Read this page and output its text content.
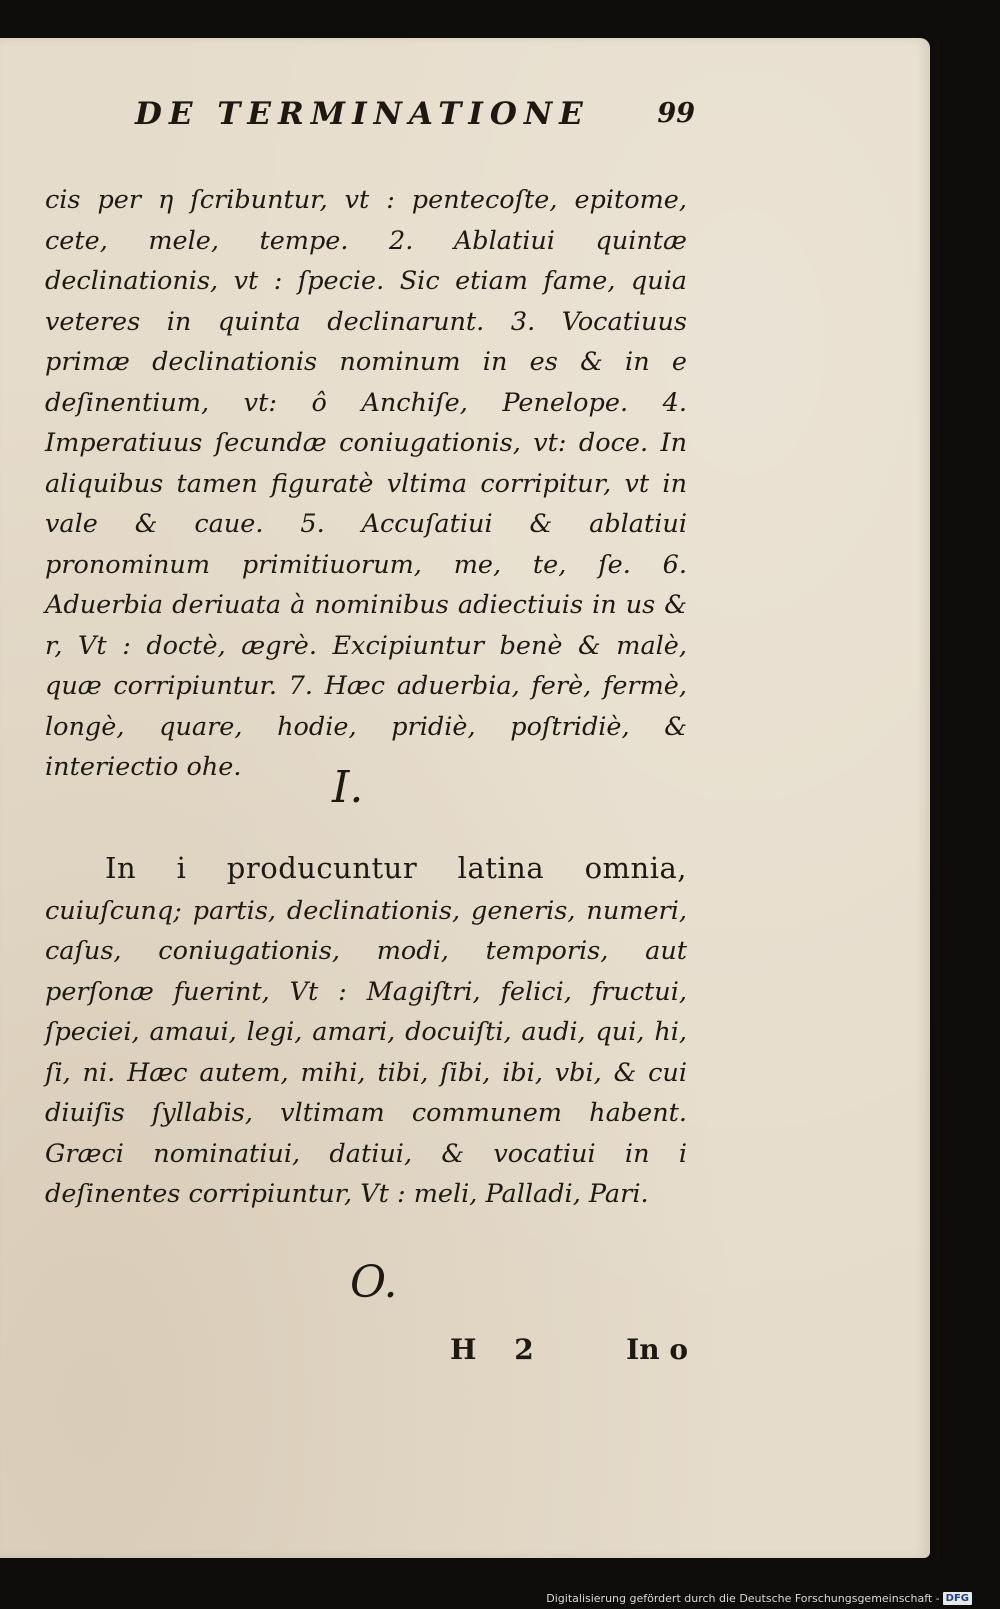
DE TERMINATIONE	99

cis per η ſcribuntur, vt : pentecoſte, epitome, cete, mele, tempe. 2. Ablatiui quintæ declinationis, vt : ſpecie. Sic etiam fame, quia veteres in quinta declinarunt. 3. Vocatiuus primæ declinationis nominum in es & in e deſinentium, vt: ô Anchiſe, Penelope. 4. Imperatiuus ſecundæ coniugationis, vt: doce. In aliquibus tamen figuratè vltima corripitur, vt in vale & caue. 5. Accuſatiui & ablatiui pronominum primitiuorum, me, te, ſe. 6. Aduerbia deriuata à nominibus adiectiuis in us & r, Vt : doctè, ægrè. Excipiuntur benè & malè, quæ corripiuntur. 7. Hæc aduerbia, ferè, fermè, longè, quare, hodie, pridiè, poſtridiè, & interiectio ohe.	I.

In i producuntur latina omnia, cuiuſcunq; partis, declinationis, generis, numeri, caſus, coniugationis, modi, temporis, aut perſonæ fuerint, Vt : Magiſtri, felici, fructui, ſpeciei, amaui, legi, amari, docuiſti, audi, qui, hi, ſi, ni. Hæc autem, mihi, tibi, ſibi, ibi, vbi, & cui diuiſis ſyllabis, vltimam communem habent. Græci nominatiui, datiui, & vocatiui in i deſinentes corripiuntur, Vt : meli, Palladi, Pari.

O.
H 2	In o
Digitalisierung gefördert durch die Deutsche Forschungsgemeinschaft - DFG
